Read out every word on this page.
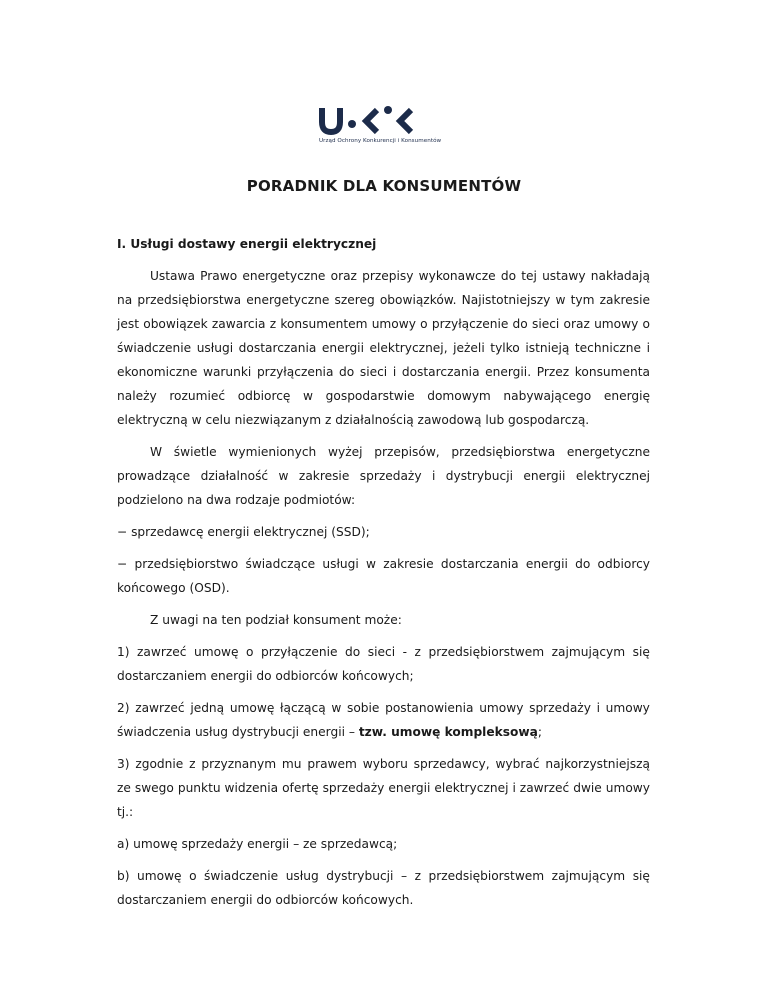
Urząd Ochrony Konkurencji i Konsumentów
PORADNIK DLA KONSUMENTÓW
I. Usługi dostawy energii elektrycznej

Ustawa Prawo energetyczne oraz przepisy wykonawcze do tej ustawy nakładają na przedsiębiorstwa energetyczne szereg obowiązków. Najistotniejszy w tym zakresie jest obowiązek zawarcia z konsumentem umowy o przyłączenie do sieci oraz umowy o świadczenie usługi dostarczania energii elektrycznej, jeżeli tylko istnieją techniczne i ekonomiczne warunki przyłączenia do sieci i dostarczania energii. Przez konsumenta należy rozumieć odbiorcę w gospodarstwie domowym nabywającego energię elektryczną w celu niezwiązanym z działalnością zawodową lub gospodarczą.

W świetle wymienionych wyżej przepisów, przedsiębiorstwa energetyczne prowadzące działalność w zakresie sprzedaży i dystrybucji energii elektrycznej podzielono na dwa rodzaje podmiotów:

− sprzedawcę energii elektrycznej (SSD);

− przedsiębiorstwo świadczące usługi w zakresie dostarczania energii do odbiorcy końcowego (OSD).

Z uwagi na ten podział konsument może:

1) zawrzeć umowę o przyłączenie do sieci - z przedsiębiorstwem zajmującym się
dostarczaniem energii do odbiorców końcowych;
2) zawrzeć jedną umowę łączącą w sobie postanowienia umowy sprzedaży i umowy
świadczenia usług dystrybucji energii – tzw. umowę kompleksową;

3) zgodnie z przyznanym mu prawem wyboru sprzedawcy, wybrać najkorzystniejszą ze swego punktu widzenia ofertę sprzedaży energii elektrycznej i zawrzeć dwie umowy tj.:

a) umowę sprzedaży energii – ze sprzedawcą;

b) umowę o świadczenie usług dystrybucji – z przedsiębiorstwem zajmującym się
dostarczaniem energii do odbiorców końcowych.
